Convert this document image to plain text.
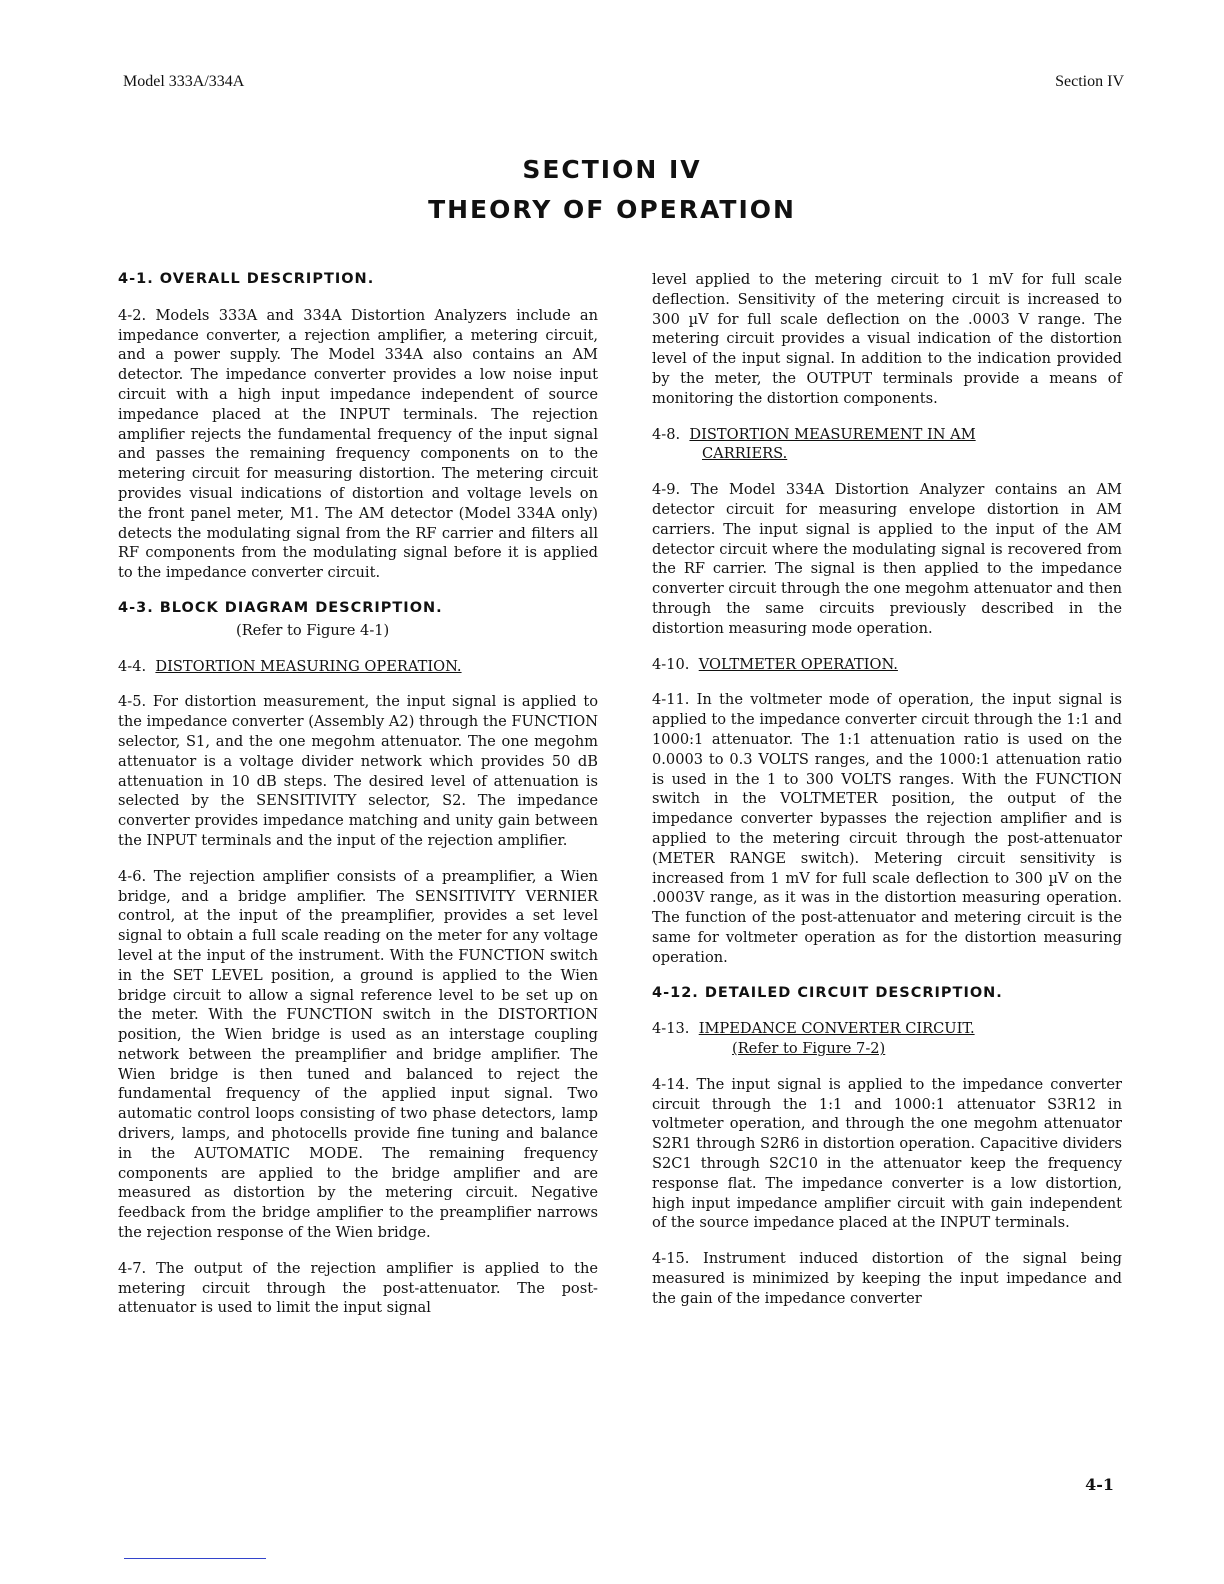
Model 333A/334A	Section IV
SECTION IV
THEORY OF OPERATION
4-1. OVERALL DESCRIPTION.

4-2. Models 333A and 334A Distortion Analyzers include an impedance converter, a rejection amplifier, a metering circuit, and a power supply. The Model 334A also contains an AM detector. The impedance converter provides a low noise input circuit with a high input impedance independent of source impedance placed at the INPUT terminals. The rejection amplifier rejects the fundamental frequency of the input signal and passes the remaining frequency components on to the metering circuit for measuring distortion. The metering circuit provides visual indications of distortion and voltage levels on the front panel meter, M1. The AM detector (Model 334A only) detects the modulating signal from the RF carrier and filters all RF components from the modulating signal before it is applied to the impedance converter circuit.

4-3. BLOCK DIAGRAM DESCRIPTION.
(Refer to Figure 4-1)
4-4. DISTORTION MEASURING OPERATION.

4-5. For distortion measurement, the input signal is applied to the impedance converter (Assembly A2) through the FUNCTION selector, S1, and the one megohm attenuator. The one megohm attenuator is a voltage divider network which provides 50 dB attenuation in 10 dB steps. The desired level of attenuation is selected by the SENSITIVITY selector, S2. The impedance converter provides impedance matching and unity gain between the INPUT terminals and the input of the rejection amplifier.

4-6. The rejection amplifier consists of a preamplifier, a Wien bridge, and a bridge amplifier. The SENSITIVITY VERNIER control, at the input of the preamplifier, provides a set level signal to obtain a full scale reading on the meter for any voltage level at the input of the instrument. With the FUNCTION switch in the SET LEVEL position, a ground is applied to the Wien bridge circuit to allow a signal reference level to be set up on the meter. With the FUNCTION switch in the DISTORTION position, the Wien bridge is used as an interstage coupling network between the preamplifier and bridge amplifier. The Wien bridge is then tuned and balanced to reject the fundamental frequency of the applied input signal. Two automatic control loops consisting of two phase detectors, lamp drivers, lamps, and photocells provide fine tuning and balance in the AUTOMATIC MODE. The remaining frequency components are applied to the bridge amplifier and are measured as distortion by the metering circuit. Negative feedback from the bridge amplifier to the preamplifier narrows the rejection response of the Wien bridge.

4-7. The output of the rejection amplifier is applied to the metering circuit through the post-attenuator. The post-attenuator is used to limit the input signal

level applied to the metering circuit to 1 mV for full scale deflection. Sensitivity of the metering circuit is increased to 300 µV for full scale deflection on the .0003 V range. The metering circuit provides a visual indication of the distortion level of the input signal. In addition to the indication provided by the meter, the OUTPUT terminals provide a means of monitoring the distortion components.

4-8. DISTORTION MEASUREMENT IN AM
CARRIERS.

4-9. The Model 334A Distortion Analyzer contains an AM detector circuit for measuring envelope distortion in AM carriers. The input signal is applied to the input of the AM detector circuit where the modulating signal is recovered from the RF carrier. The signal is then applied to the impedance converter circuit through the one megohm attenuator and then through the same circuits previously described in the distortion measuring mode operation.

4-10. VOLTMETER OPERATION.

4-11. In the voltmeter mode of operation, the input signal is applied to the impedance converter circuit through the 1:1 and 1000:1 attenuator. The 1:1 attenuation ratio is used on the 0.0003 to 0.3 VOLTS ranges, and the 1000:1 attenuation ratio is used in the 1 to 300 VOLTS ranges. With the FUNCTION switch in the VOLTMETER position, the output of the impedance converter bypasses the rejection amplifier and is applied to the metering circuit through the post-attenuator (METER RANGE switch). Metering circuit sensitivity is increased from 1 mV for full scale deflection to 300 µV on the .0003V range, as it was in the distortion measuring operation. The function of the post-attenuator and metering circuit is the same for voltmeter operation as for the distortion measuring operation.

4-12. DETAILED CIRCUIT DESCRIPTION.
4-13. IMPEDANCE CONVERTER CIRCUIT.
(Refer to Figure 7-2)

4-14. The input signal is applied to the impedance converter circuit through the 1:1 and 1000:1 attenuator S3R12 in voltmeter operation, and through the one megohm attenuator S2R1 through S2R6 in distortion operation. Capacitive dividers S2C1 through S2C10 in the attenuator keep the frequency response flat. The impedance converter is a low distortion, high input impedance amplifier circuit with gain independent of the source impedance placed at the INPUT terminals.

4-15. Instrument induced distortion of the signal being measured is minimized by keeping the input impedance and the gain of the impedance converter

4-1
